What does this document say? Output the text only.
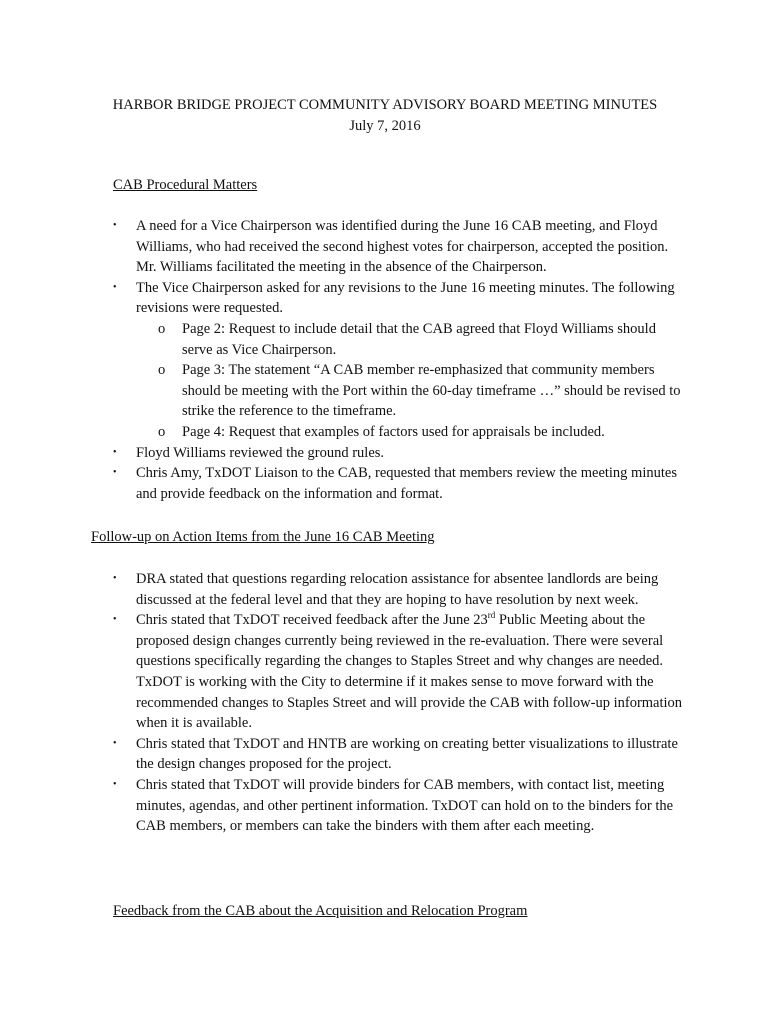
HARBOR BRIDGE PROJECT COMMUNITY ADVISORY BOARD MEETING MINUTES
July 7, 2016
CAB Procedural Matters
• A need for a Vice Chairperson was identified during the June 16 CAB meeting, and Floyd Williams, who had received the second highest votes for chairperson, accepted the position. Mr. Williams facilitated the meeting in the absence of the Chairperson.
• The Vice Chairperson asked for any revisions to the June 16 meeting minutes. The following revisions were requested.
o Page 2: Request to include detail that the CAB agreed that Floyd Williams should serve as Vice Chairperson.
o Page 3: The statement “A CAB member re-emphasized that community members should be meeting with the Port within the 60-day timeframe …” should be revised to strike the reference to the timeframe.
o Page 4: Request that examples of factors used for appraisals be included.
• Floyd Williams reviewed the ground rules.
• Chris Amy, TxDOT Liaison to the CAB, requested that members review the meeting minutes and provide feedback on the information and format.
Follow-up on Action Items from the June 16 CAB Meeting
• DRA stated that questions regarding relocation assistance for absentee landlords are being discussed at the federal level and that they are hoping to have resolution by next week.
• Chris stated that TxDOT received feedback after the June 23rd Public Meeting about the proposed design changes currently being reviewed in the re-evaluation. There were several questions specifically regarding the changes to Staples Street and why changes are needed. TxDOT is working with the City to determine if it makes sense to move forward with the recommended changes to Staples Street and will provide the CAB with follow-up information when it is available.
• Chris stated that TxDOT and HNTB are working on creating better visualizations to illustrate the design changes proposed for the project.
• Chris stated that TxDOT will provide binders for CAB members, with contact list, meeting minutes, agendas, and other pertinent information. TxDOT can hold on to the binders for the CAB members, or members can take the binders with them after each meeting.
Feedback from the CAB about the Acquisition and Relocation Program
